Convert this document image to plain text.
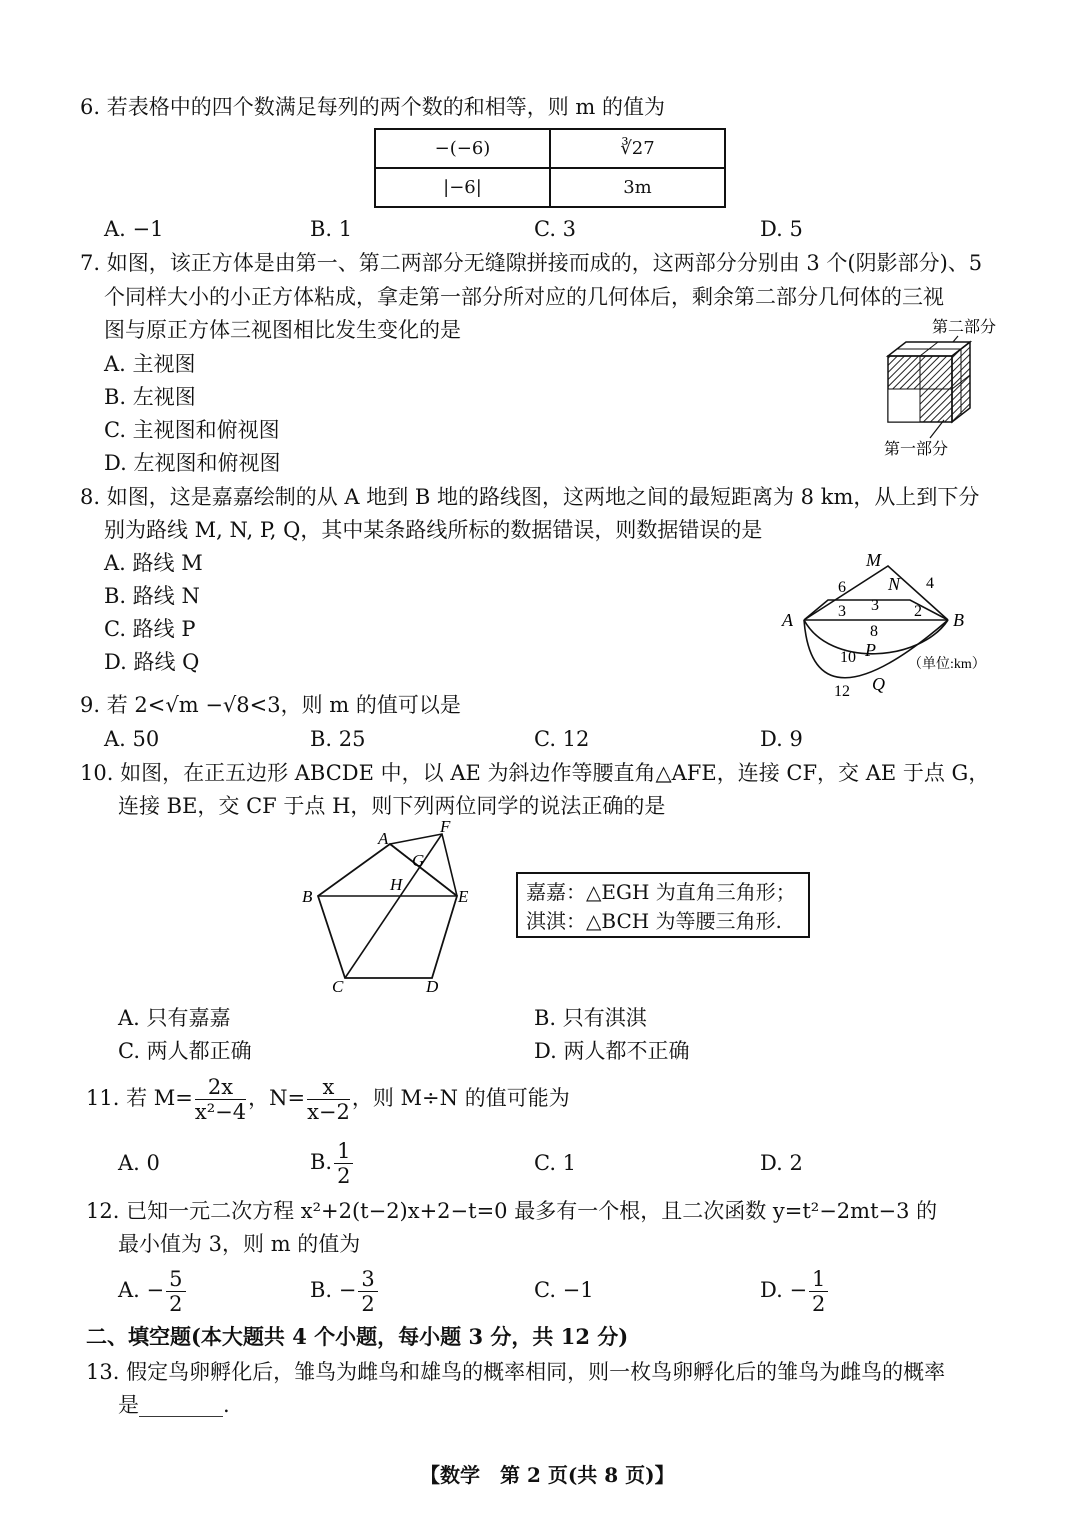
6. 若表格中的四个数满足每列的两个数的和相等，则 m 的值为
−(−6)	∛27
|−6|	3m
A. −1	B. 1	C. 3	D. 5
7. 如图，该正方体是由第一、第二两部分无缝隙拼接而成的，这两部分分别由 3 个(阴影部分)、5
个同样大小的小正方体粘成，拿走第一部分所对应的几何体后，剩余第二部分几何体的三视
图与原正方体三视图相比发生变化的是
A. 主视图
B. 左视图
C. 主视图和俯视图
D. 左视图和俯视图
第二部分
第一部分
8. 如图，这是嘉嘉绘制的从 A 地到 B 地的路线图，这两地之间的最短距离为 8 km，从上到下分
别为路线 M, N, P, Q，其中某条路线所标的数据错误，则数据错误的是
A. 路线 M
B. 路线 N
C. 路线 P
D. 路线 Q
A	B
M
N
6	4
3 3 2
8
10 P
12 Q
（单位:km）
9. 若 2<√m −√8<3，则 m 的值可以是
A. 50	B. 25	C. 12	D. 9
10. 如图，在正五边形 ABCDE 中，以 AE 为斜边作等腰直角△AFE，连接 CF，交 AE 于点 G，
连接 BE，交 CF 于点 H，则下列两位同学的说法正确的是
A
F
G
H
B	E
C	D
嘉嘉：△EGH 为直角三角形；
淇淇：△BCH 为等腰三角形.
A. 只有嘉嘉	B. 只有淇淇
C. 两人都正确	D. 两人都不正确
11. 若 $M= \frac{2x}{\text{x²−4}}$ ，$N= \frac{x}{x-2}$ ，则 M÷N 的值可能为
A. 0	B. $\frac{1}{2}$	C. 1	D. 2
12. 已知一元二次方程 x²+2(t−2)x+2−t=0 最多有一个根，且二次函数 y=t²−2mt−3 的
最小值为 3，则 m 的值为
A. − $\frac{5}{2}$	B. − $\frac{3}{2}$	C. −1	D. − $\frac{1}{2}$
二、填空题(本大题共 4 个小题，每小题 3 分，共 12 分)
13. 假定鸟卵孵化后，雏鸟为雌鸟和雄鸟的概率相同，则一枚鸟卵孵化后的雏鸟为雌鸟的概率
是________.
【数学　第 2 页(共 8 页)】
